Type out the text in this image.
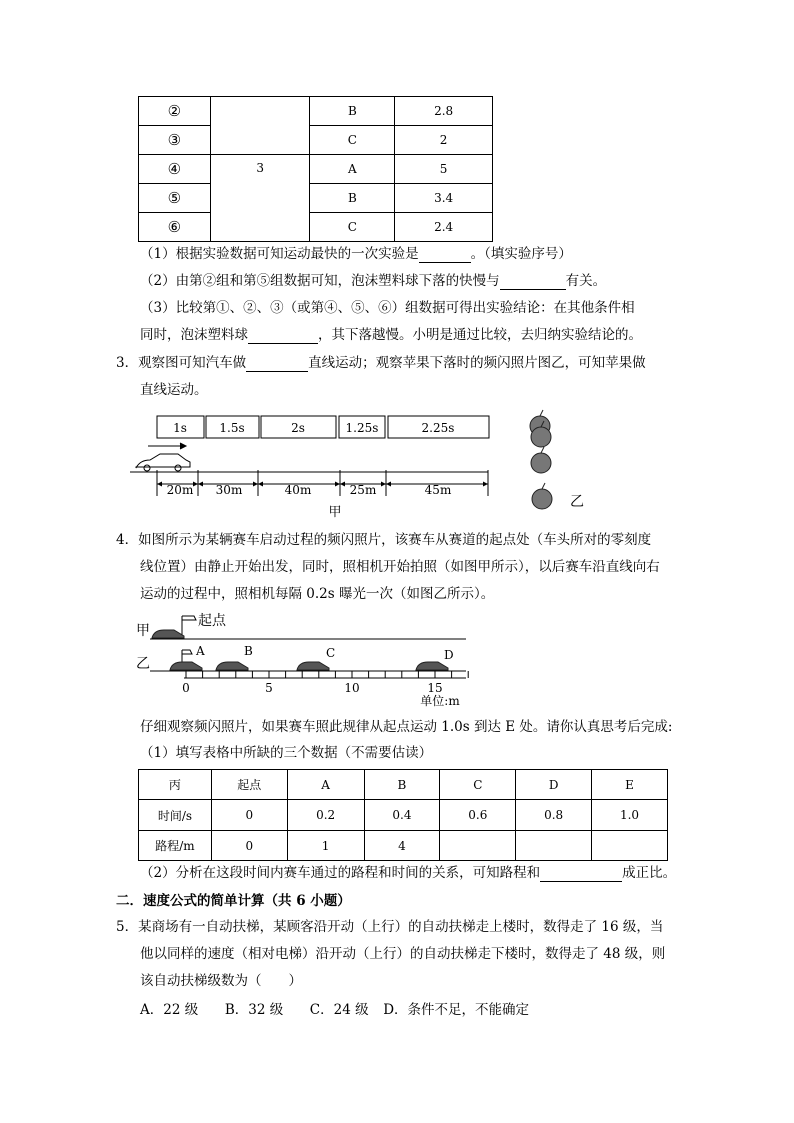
②		B	2.8
③		C	2
④	3	A	5
⑤		B	3.4
⑥		C	2.4
（1）根据实验数据可知运动最快的一次实验是	。（填实验序号）
（2）由第②组和第⑤组数据可知，泡沫塑料球下落的快慢与	有关。
（3）比较第①、②、③（或第④、⑤、⑥）组数据可得出实验结论：在其他条件相
同时，泡沫塑料球	，其下落越慢。小明是通过比较，去归纳实验结论的。
3．观察图可知汽车做	直线运动；观察苹果下落时的频闪照片图乙，可知苹果做
直线运动。
1s	1.5s	2s	1.25s	2.25s
20m 30m	40m	25m	45m
甲
乙
4．如图所示为某辆赛车启动过程的频闪照片，该赛车从赛道的起点处（车头所对的零刻度
线位置）由静止开始出发，同时，照相机开始拍照（如图甲所示），以后赛车沿直线向右
运动的过程中，照相机每隔 0.2s 曝光一次（如图乙所示）。
甲
乙
起点
A	B	C	D
0	5	10	15
单位:m
仔细观察频闪照片，如果赛车照此规律从起点运动 1.0s 到达 E 处。请你认真思考后完成:
（1）填写表格中所缺的三个数据（不需要估读）
丙	起点	A	B	C	D	E
时间/s	0	0.2	0.4	0.6	0.8	1.0
路程/m	0	1	4			
（2）分析在这段时间内赛车通过的路程和时间的关系，可知路程和	成正比。
二．速度公式的简单计算（共 6 小题）
5．某商场有一自动扶梯，某顾客沿开动（上行）的自动扶梯走上楼时，数得走了 16 级，当
他以同样的速度（相对电梯）沿开动（上行）的自动扶梯走下楼时，数得走了 48 级，则
该自动扶梯级数为（　　）
A．22 级 B．32 级 C．24 级 D．条件不足，不能确定
